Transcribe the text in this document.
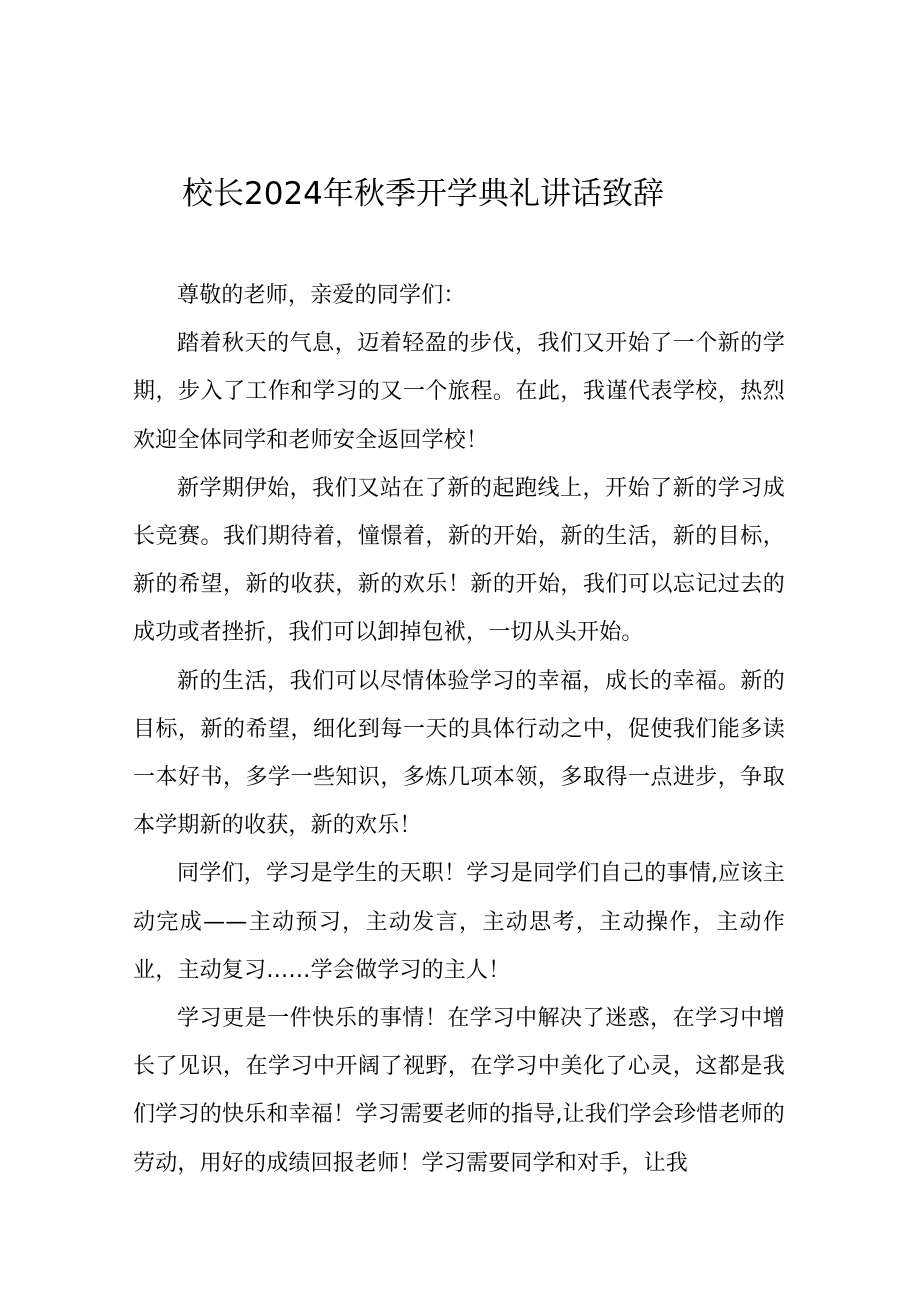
校长2024年秋季开学典礼讲话致辞

尊敬的老师，亲爱的同学们：

踏着秋天的气息，迈着轻盈的步伐，我们又开始了一个新的学期，步入了工作和学习的又一个旅程。在此，我谨代表学校，热烈欢迎全体同学和老师安全返回学校！

新学期伊始，我们又站在了新的起跑线上，开始了新的学习成长竞赛。我们期待着，憧憬着，新的开始，新的生活，新的目标，新的希望，新的收获，新的欢乐！新的开始，我们可以忘记过去的成功或者挫折，我们可以卸掉包袱，一切从头开始。

新的生活，我们可以尽情体验学习的幸福，成长的幸福。新的目标，新的希望，细化到每一天的具体行动之中，促使我们能多读一本好书，多学一些知识，多炼几项本领，多取得一点进步，争取本学期新的收获，新的欢乐！

同学们，学习是学生的天职！学习是同学们自己的事情,应该主动完成——主动预习，主动发言，主动思考，主动操作，主动作业，主动复习……学会做学习的主人！

学习更是一件快乐的事情！在学习中解决了迷惑，在学习中增长了见识，在学习中开阔了视野，在学习中美化了心灵，这都是我们学习的快乐和幸福！学习需要老师的指导,让我们学会珍惜老师的劳动，用好的成绩回报老师！学习需要同学和对手，让我
